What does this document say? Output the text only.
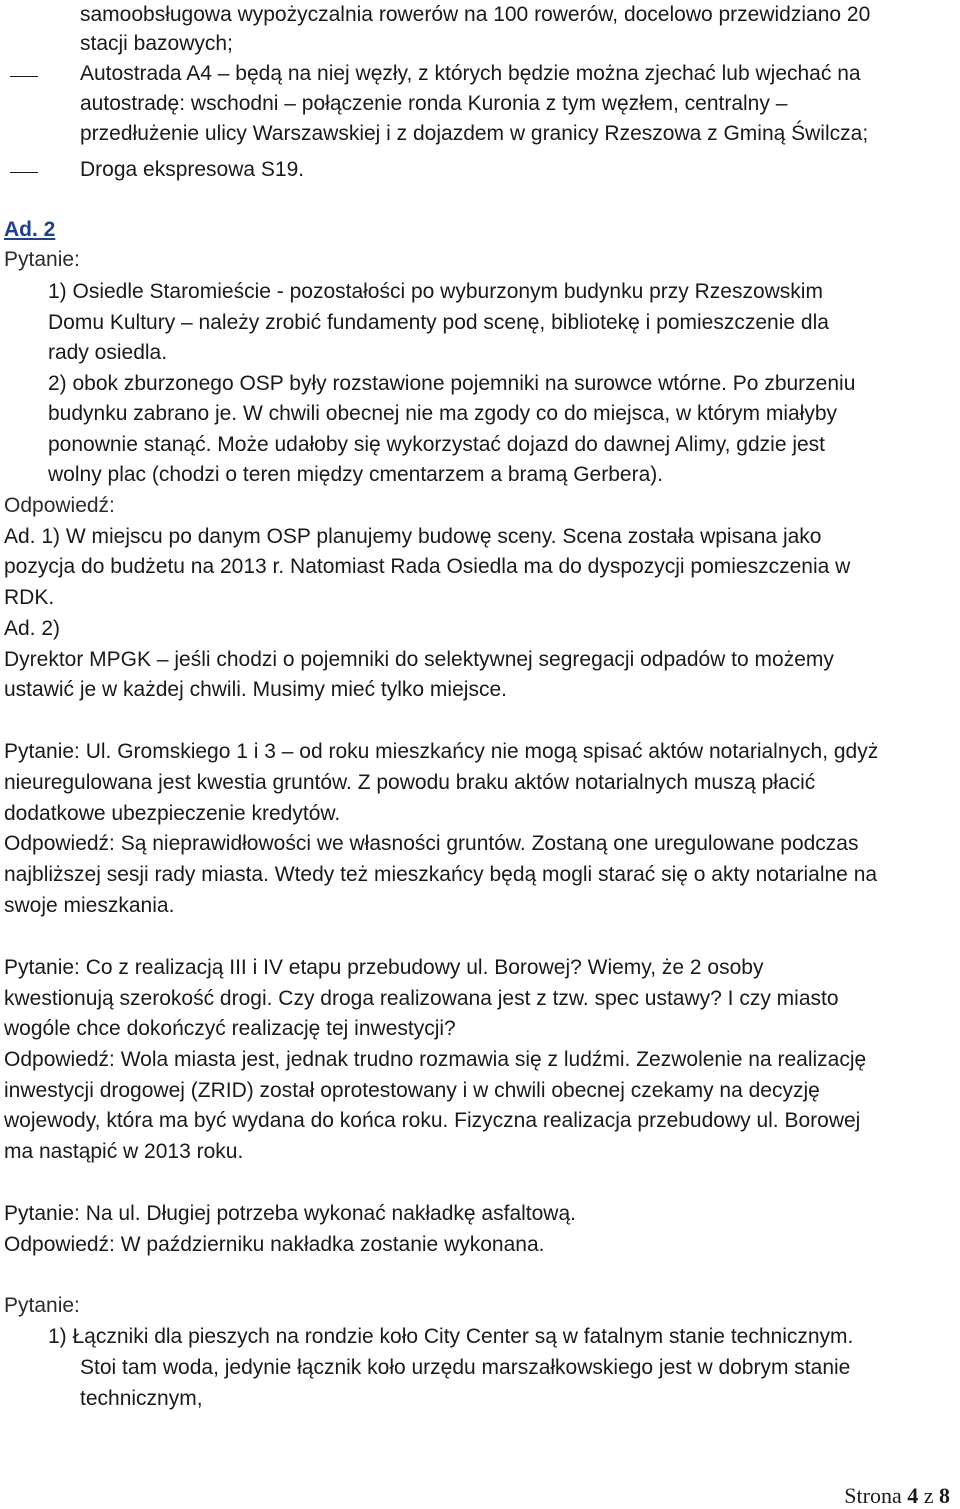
samoobsługowa wypożyczalnia rowerów na 100 rowerów, docelowo przewidziano 20
stacji bazowych;
Autostrada A4 – będą na niej węzły, z których będzie można zjechać lub wjechać na
autostradę: wschodni – połączenie ronda Kuronia z tym węzłem, centralny –
przedłużenie ulicy Warszawskiej i z dojazdem w granicy Rzeszowa z Gminą Świlcza;
Droga ekspresowa S19.
Ad. 2
Pytanie:
1) Osiedle Staromieście - pozostałości po wyburzonym budynku przy Rzeszowskim
Domu Kultury – należy zrobić fundamenty pod scenę, bibliotekę i pomieszczenie dla
rady osiedla.
2) obok zburzonego OSP były rozstawione pojemniki na surowce wtórne. Po zburzeniu
budynku zabrano je. W chwili obecnej nie ma zgody co do miejsca, w którym miałyby
ponownie stanąć. Może udałoby się wykorzystać dojazd do dawnej Alimy, gdzie jest
wolny plac (chodzi o teren między cmentarzem a bramą Gerbera).
Odpowiedź:
Ad. 1) W miejscu po danym OSP planujemy budowę sceny. Scena została wpisana jako
pozycja do budżetu na 2013 r. Natomiast Rada Osiedla ma do dyspozycji pomieszczenia w
RDK.
Ad. 2)
Dyrektor MPGK – jeśli chodzi o pojemniki do selektywnej segregacji odpadów to możemy
ustawić je w każdej chwili. Musimy mieć tylko miejsce.
Pytanie: Ul. Gromskiego 1 i 3 – od roku mieszkańcy nie mogą spisać aktów notarialnych, gdyż
nieuregulowana jest kwestia gruntów. Z powodu braku aktów notarialnych muszą płacić
dodatkowe ubezpieczenie kredytów.
Odpowiedź: Są nieprawidłowości we własności gruntów. Zostaną one uregulowane podczas
najbliższej sesji rady miasta. Wtedy też mieszkańcy będą mogli starać się o akty notarialne na
swoje mieszkania.
Pytanie: Co z realizacją III i IV etapu przebudowy ul. Borowej? Wiemy, że 2 osoby
kwestionują szerokość drogi. Czy droga realizowana jest z tzw. spec ustawy? I czy miasto
wogóle chce dokończyć realizację tej inwestycji?
Odpowiedź: Wola miasta jest, jednak trudno rozmawia się z ludźmi. Zezwolenie na realizację
inwestycji drogowej (ZRID) został oprotestowany i w chwili obecnej czekamy na decyzję
wojewody, która ma być wydana do końca roku. Fizyczna realizacja przebudowy ul. Borowej
ma nastąpić w 2013 roku.
Pytanie: Na ul. Długiej potrzeba wykonać nakładkę asfaltową.
Odpowiedź: W październiku nakładka zostanie wykonana.
Pytanie:
1) Łączniki dla pieszych na rondzie koło City Center są w fatalnym stanie technicznym.
Stoi tam woda, jedynie łącznik koło urzędu marszałkowskiego jest w dobrym stanie
technicznym,
Strona 4 z 8
